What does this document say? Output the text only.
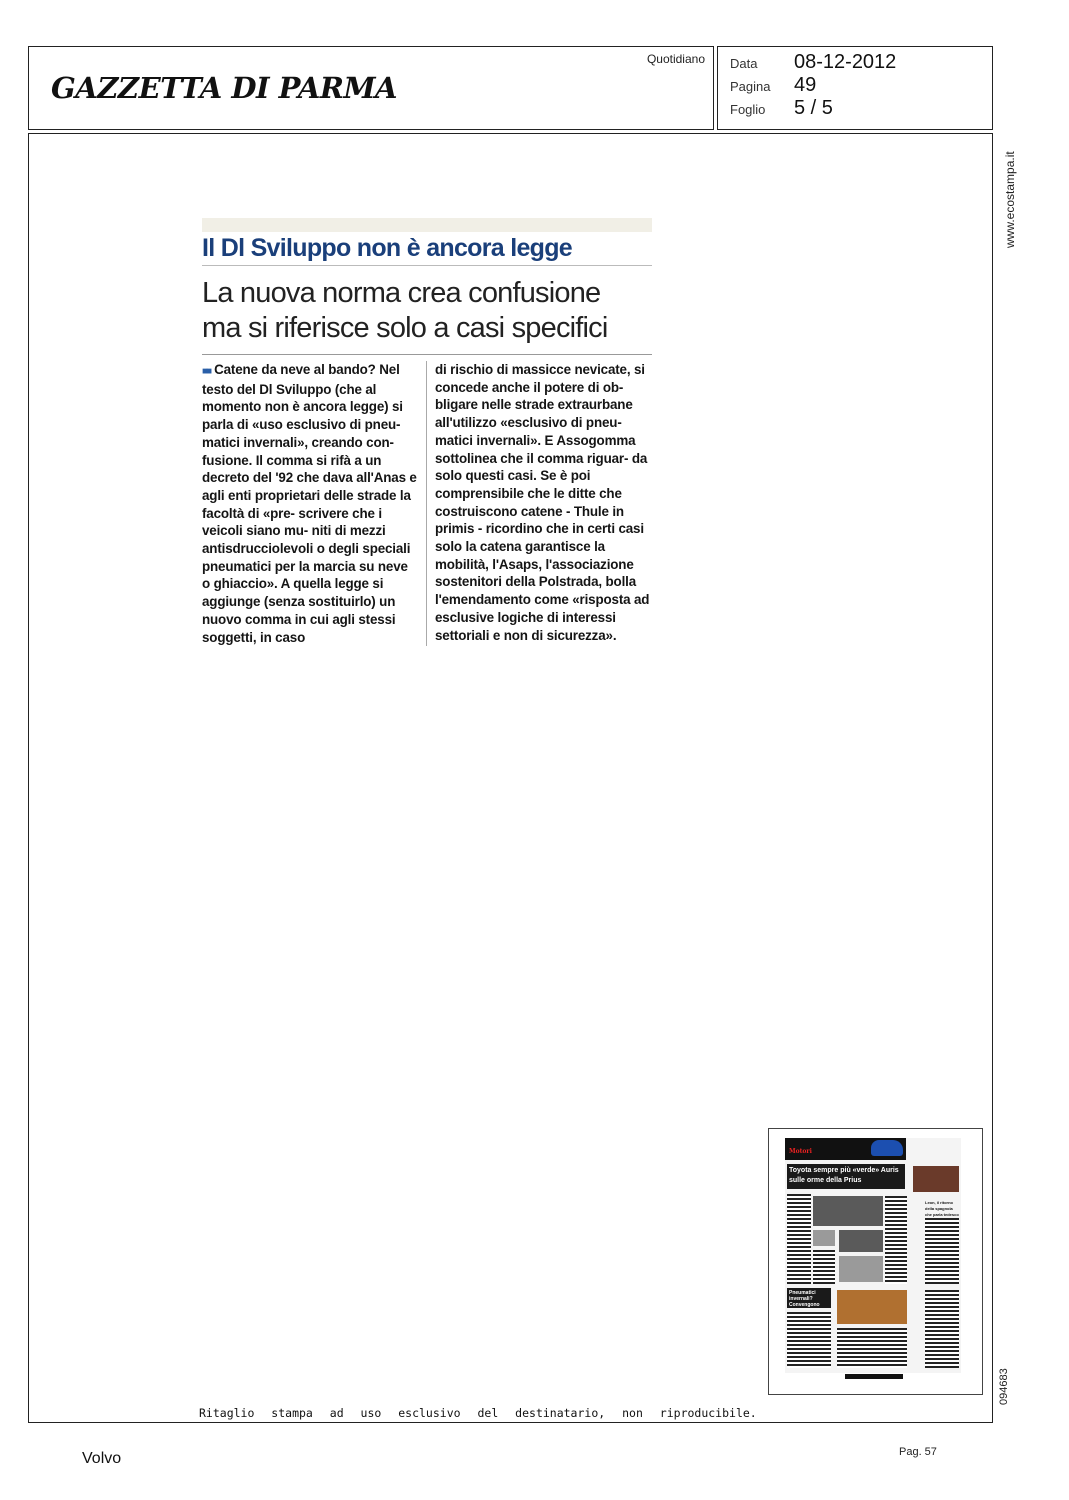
GAZZETTA DI PARMA
Quotidiano Data	08-12-2012
Pagina	49
Foglio	5 / 5
www.ecostampa.it
Il Dl Sviluppo non è ancora legge
La nuova norma crea confusione
ma si riferisce solo a casi specifici

■■ Catene da neve al bando? Nel testo del Dl Sviluppo (che al momento non è ancora legge) si parla di «uso esclusivo di pneu- matici invernali», creando con- fusione. Il comma si rifà a un decreto del '92 che dava all'Anas e agli enti proprietari delle strade la facoltà di «pre- scrivere che i veicoli siano mu- niti di mezzi antisdrucciolevoli o degli speciali pneumatici per la marcia su neve o ghiaccio». A quella legge si aggiunge (senza sostituirlo) un nuovo comma in cui agli stessi soggetti, in caso

di rischio di massicce nevicate, si concede anche il potere di ob- bligare nelle strade extraurbane all'utilizzo «esclusivo di pneu- matici invernali». E Assogomma sottolinea che il comma riguar- da solo questi casi. Se è poi comprensibile che le ditte che costruiscono catene - Thule in primis - ricordino che in certi casi solo la catena garantisce la mobilità, l'Asaps, l'associazione sostenitori della Polstrada, bolla l'emendamento come «risposta ad esclusive logiche di interessi settoriali e non di sicurezza».

Motori
Toyota sempre più «verde» Auris sulle orme della Prius
Leon, il ritorno della spagnola che parla tedesco
Pneumatici invernali? Convengono
094683
Ritaglio stampa ad uso esclusivo del destinatario, non riproducibile.
Volvo	Pag. 57
